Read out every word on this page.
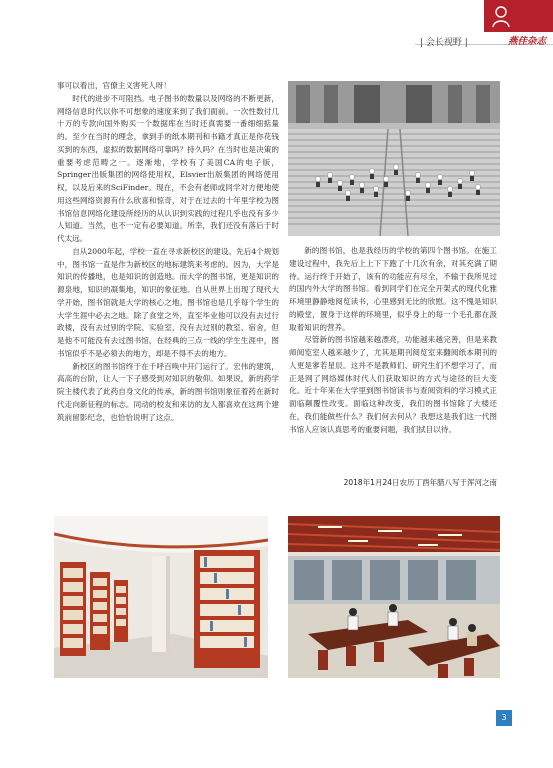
| 会长视野 |	燕佳杂志

事可以看出，官僚主义害死人呀！

时代的进步不可阻挡。电子图书的数量以及网络的不断更新，网络信息时代以你不可想象的速度来到了我们面前。一次性数付几十万的专款向国外购买一个数据库在当时还真需要一番细细掂量的。至少在当时的理念，拿到手的纸本期刊和书籍才真正是你花钱买到的东西，虚拟的数据网络可靠吗？持久吗？在当时也是决策的重要考虑范畴之一。逐渐地，学校有了美国CA的电子版，Springer出版集团的网络使用权，Elsvier出版集团的网络使用权，以及后来的SciFinder。现在，不会有老师或同学对方便地使用这些网络资源有什么欣喜和惊奇，对于在过去的十年里学校为图书馆信息网络化建设所经历的从认识到实践的过程几乎也没有多少人知道。当然，也不一定有必要知道。所幸，我们还没有落后于时代太远。

自从2000年起，学校一直在寻求新校区的建设。先后4个规划中，图书馆一直是作为新校区的地标建筑来考虑的。因为，大学是知识的传播地，也是知识的创造地。而大学的图书馆，更是知识的源泉地，知识的凝集地，知识的象征地。自从世界上出现了现代大学开始，图书馆就是大学的核心之地。图书馆也是几乎每个学生的大学生涯中必去之地。除了食堂之外，直至毕业他可以没有去过行政楼，没有去过别的学院、实验室，没有去过别的教室、宿舍，但是他不可能没有去过图书馆，在经典的三点一线的学生生涯中，图书馆似乎不是必须去的地方，却是不得不去的地方。

新校区的图书馆终于在千呼百唤中开门运行了。宏伟的建筑，高高的台阶，让人一下子感受到对知识的敬仰。如果说，新的药学院主楼代表了此药自身文化的传承，新的图书馆则象征着药在新时代走向新征程的标志。同动的校友和来访的友人都喜欢在这两个建筑前留影纪念，也恰恰说明了这点。

新的图书馆，也是我经历的学校的第四个图书馆。在施工建设过程中，我先后上上下下跑了十几次有余，对其充满了期待。运行终于开始了，该有的功能应有尽全，不输于我所见过的国内外大学的图书馆。看到同学们在完全开架式的现代化雅环境里静静地阅览读书，心里感到无比的欣慰。这不愧是知识的殿堂，置身于这样的环境里，似乎身上的每一个毛孔都在汲取着知识的营养。

尽管新的图书馆越来越漂亮，功能越来越完善，但是来教师阅览室人越来越少了，尤其是期刊阅览室来翻阅纸本期刊的人更是寥若星辰。这并不是教师们、研究生们不想学习了，而正是网了网络媒体时代人们获取知识的方式与途径的巨大变化。近十年来在大学里到图书馆读书与查阅资料的学习模式正面临颠覆性改变。面临这种改变，我们的图书馆除了大楼还在，我们能做些什么？我们何去何从？我想这是我们这一代图书馆人应该认真思考的重要问题，我们拭目以待。

2018年1月24日农历丁酉年腊八写于浑河之南
3
